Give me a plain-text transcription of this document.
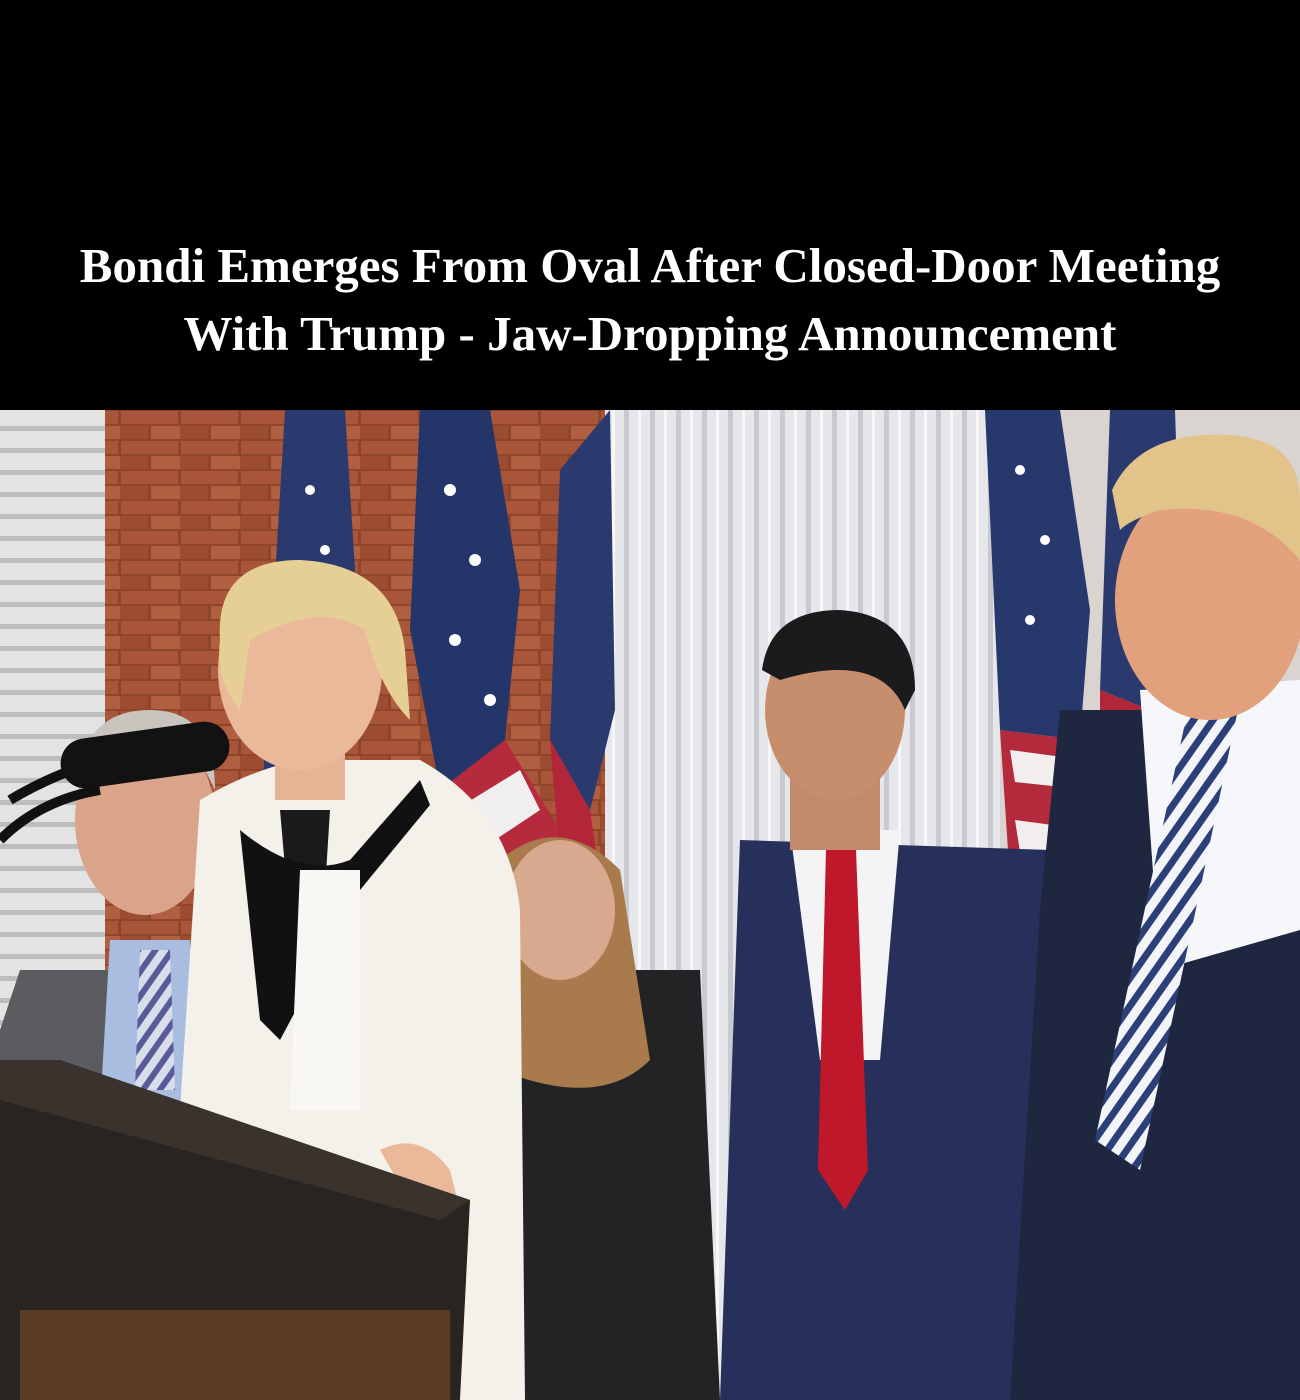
Bondi Emerges From Oval After Closed-Door Meeting
With Trump - Jaw-Dropping Announcement
